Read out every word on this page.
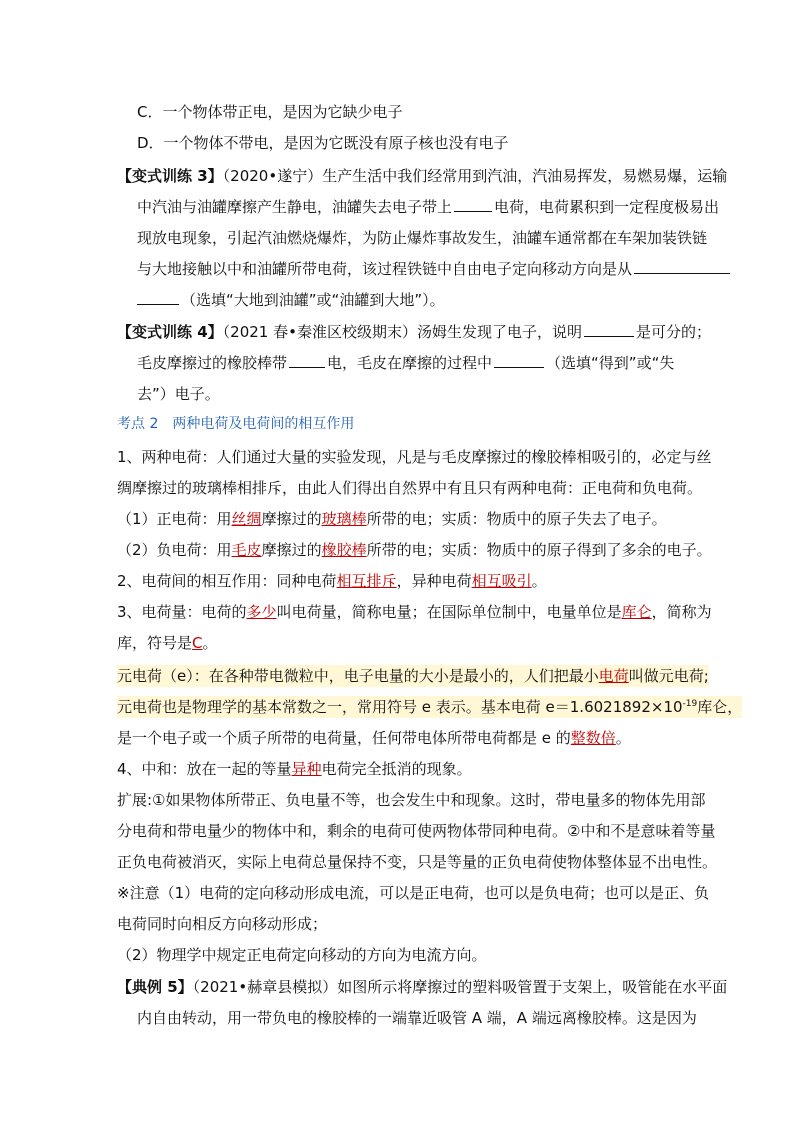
C．一个物体带正电，是因为它缺少电子
D．一个物体不带电，是因为它既没有原子核也没有电子
【变式训练 3】（2020•遂宁）生产生活中我们经常用到汽油，汽油易挥发，易燃易爆，运输
中汽油与油罐摩擦产生静电，油罐失去电子带上	电荷，电荷累积到一定程度极易出
现放电现象，引起汽油燃烧爆炸，为防止爆炸事故发生，油罐车通常都在车架加装铁链
与大地接触以中和油罐所带电荷，该过程铁链中自由电子定向移动方向是从
（选填“大地到油罐”或“油罐到大地”）。
【变式训练 4】（2021 春•秦淮区校级期末）汤姆生发现了电子，说明	是可分的；
毛皮摩擦过的橡胶棒带	电，毛皮在摩擦的过程中	（选填“得到”或“失
去”）电子。
考点 2　两种电荷及电荷间的相互作用
1、两种电荷：人们通过大量的实验发现，凡是与毛皮摩擦过的橡胶棒相吸引的，必定与丝
绸摩擦过的玻璃棒相排斥，由此人们得出自然界中有且只有两种电荷：正电荷和负电荷。
（1）正电荷：用丝绸摩擦过的玻璃棒所带的电；实质：物质中的原子失去了电子。
（2）负电荷：用毛皮摩擦过的橡胶棒所带的电；实质：物质中的原子得到了多余的电子。
2、电荷间的相互作用：同种电荷相互排斥，异种电荷相互吸引。
3、电荷量：电荷的多少叫电荷量，简称电量；在国际单位制中，电量单位是库仑，简称为
库，符号是C。
元电荷（e）：在各种带电微粒中，电子电量的大小是最小的，人们把最小电荷叫做元电荷;
元电荷也是物理学的基本常数之一，常用符号 e 表示。基本电荷 $e=1.6021892\times 10^{-19}$库仑，
是一个电子或一个质子所带的电荷量，任何带电体所带电荷都是 e 的整数倍。
4、中和：放在一起的等量异种电荷完全抵消的现象。
扩展:①如果物体所带正、负电量不等，也会发生中和现象。这时，带电量多的物体先用部
分电荷和带电量少的物体中和，剩余的电荷可使两物体带同种电荷。②中和不是意味着等量
正负电荷被消灭，实际上电荷总量保持不变，只是等量的正负电荷使物体整体显不出电性。
※注意（1）电荷的定向移动形成电流，可以是正电荷，也可以是负电荷；也可以是正、负
电荷同时向相反方向移动形成；
（2）物理学中规定正电荷定向移动的方向为电流方向。
【典例 5】（2021•赫章县模拟）如图所示将摩擦过的塑料吸管置于支架上，吸管能在水平面
内自由转动，用一带负电的橡胶棒的一端靠近吸管 A 端，A 端远离橡胶棒。这是因为
